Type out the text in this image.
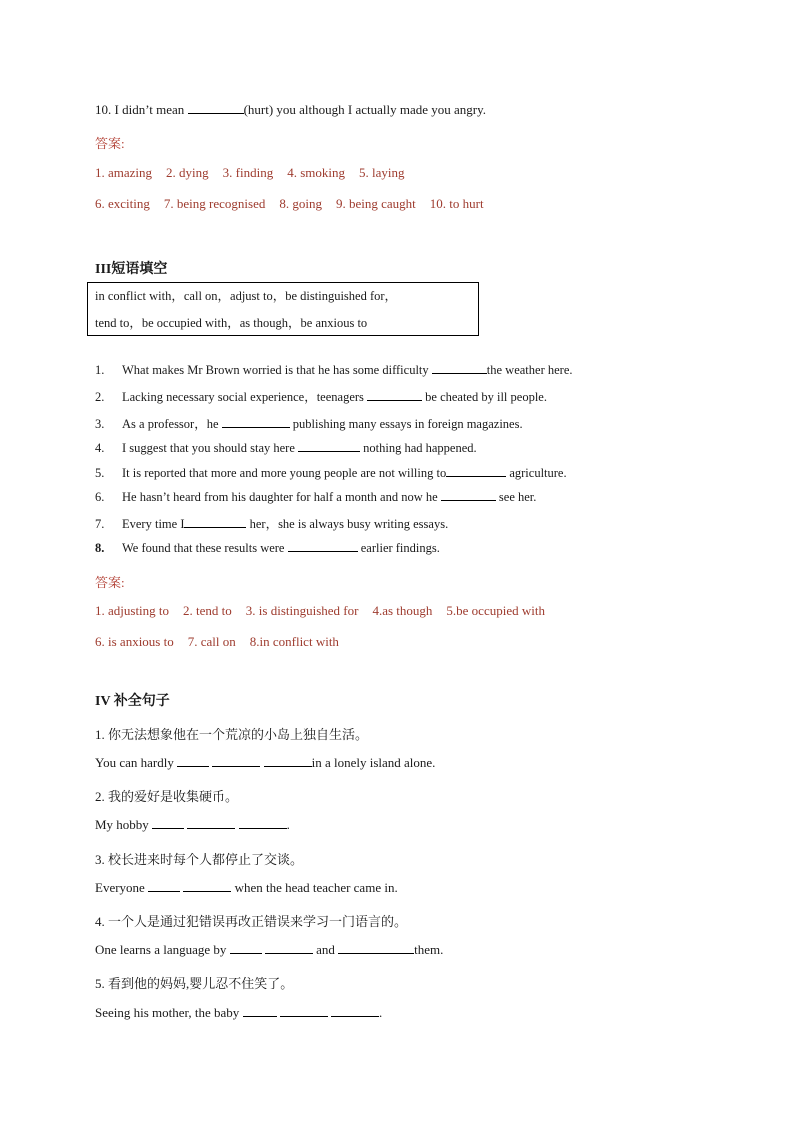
10. I didn’t mean	(hurt) you although I actually made you angry.
答案:
1. amazing 2. dying 3. finding 4. smoking 5. laying
6. exciting 7. being recognised 8. going 9. being caught 10. to hurt
III短语填空
in conflict with，call on，adjust to，be distinguished for，
tend to，be occupied with，as though，be anxious to
1. What makes Mr Brown worried is that he has some difficulty	the weather here.
2. Lacking necessary social experience，teenagers	be cheated by ill people.
3. As a professor，he	publishing many essays in foreign magazines.
4. I suggest that you should stay here	nothing had happened.
5. It is reported that more and more young people are not willing to	agriculture.
6. He hasn’t heard from his daughter for half a month and now he	see her.
7. Every time I	her，she is always busy writing essays.
8. We found that these results were	earlier findings.
答案:
1. adjusting to 2. tend to 3. is distinguished for 4.as though 5.be occupied with
6. is anxious to 7. call on 8.in conflict with
IV 补全句子
1. 你无法想象他在一个荒凉的小岛上独自生活。
You can hardly	in a lonely island alone.
2. 我的爱好是收集硬币。
My hobby	.
3. 校长进来时每个人都停止了交谈。
Everyone	when the head teacher came in.
4. 一个人是通过犯错误再改正错误来学习一门语言的。
One learns a language by	and	them.
5. 看到他的妈妈,婴儿忍不住笑了。
Seeing his mother, the baby	.
